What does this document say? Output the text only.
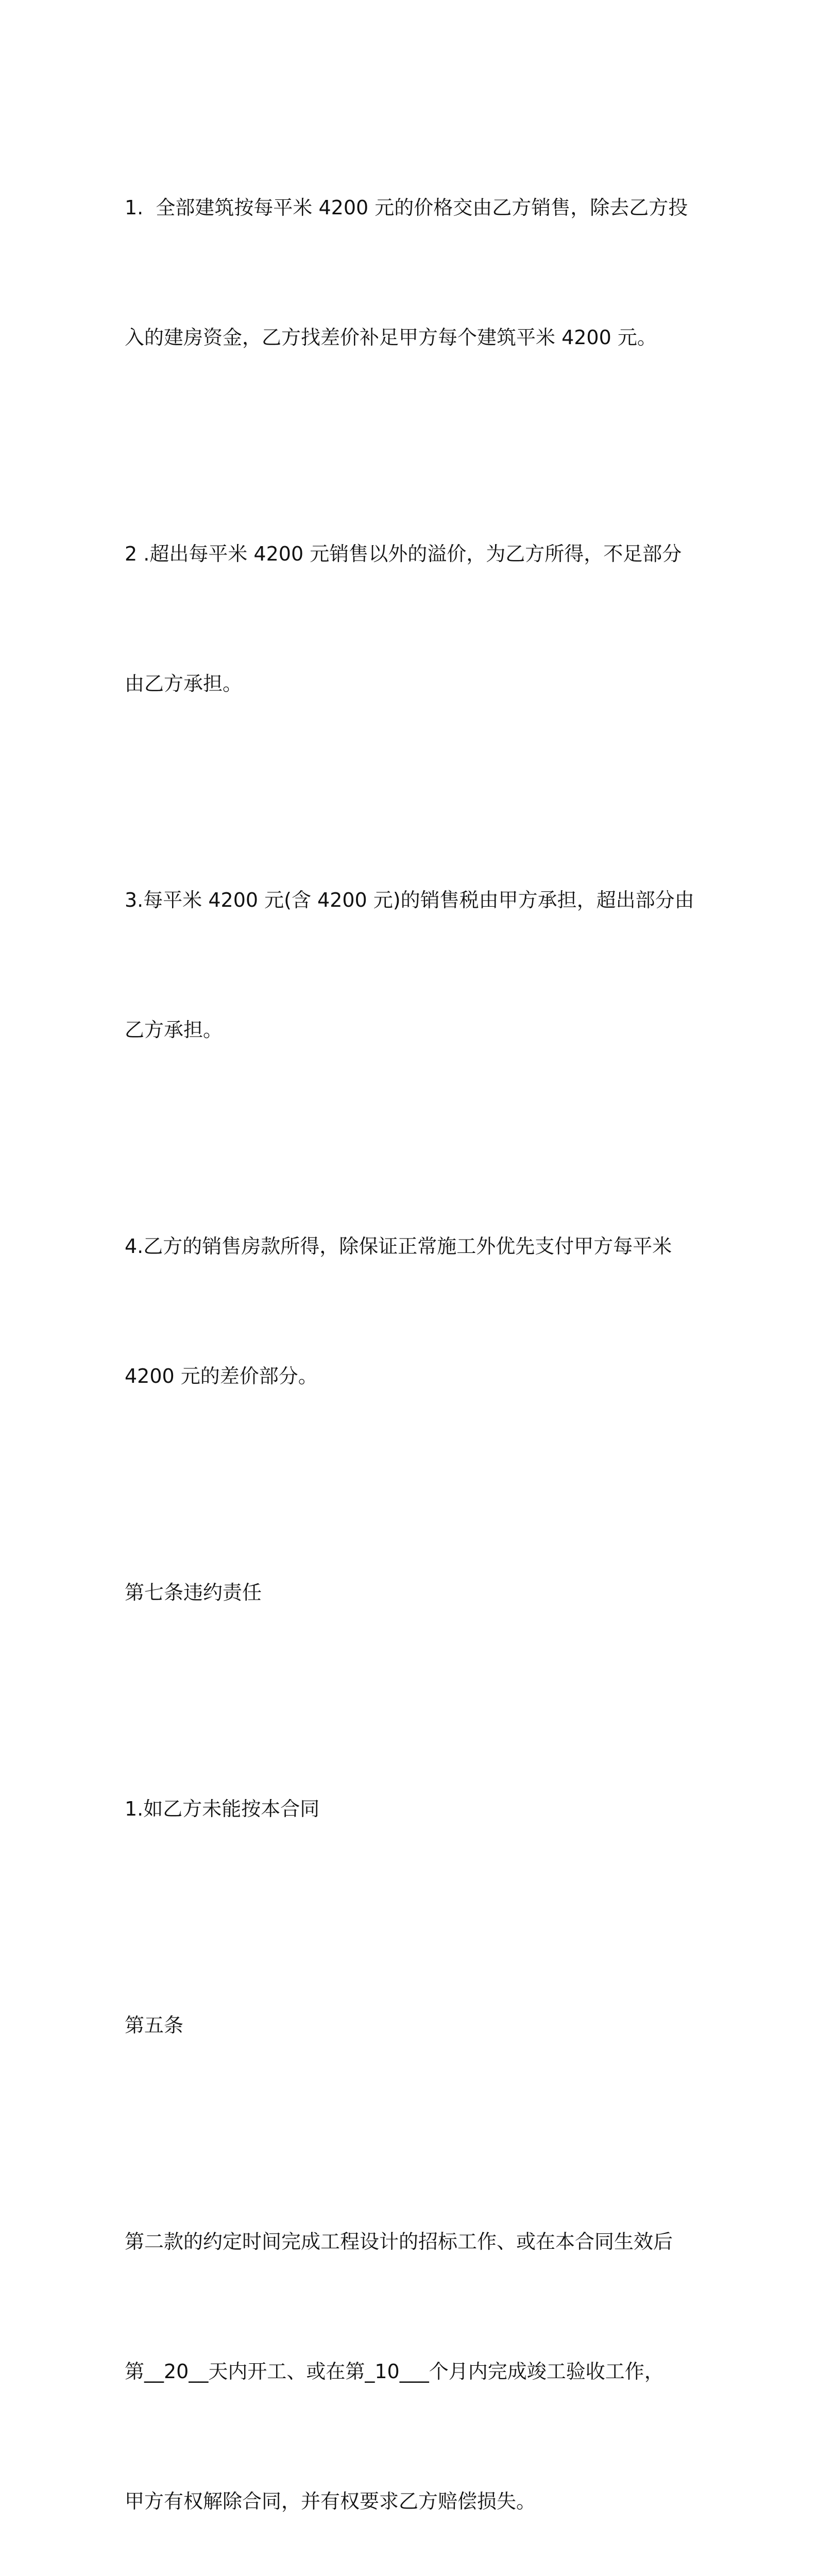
1.  全部建筑按每平米 4200 元的价格交由乙方销售，除去乙方投

入的建房资金，乙方找差价补足甲方每个建筑平米 4200 元。

2 .超出每平米 4200 元销售以外的溢价，为乙方所得，不足部分

由乙方承担。

3.每平米 4200 元(含 4200 元)的销售税由甲方承担，超出部分由

乙方承担。

4.乙方的销售房款所得，除保证正常施工外优先支付甲方每平米

4200 元的差价部分。

第七条违约责任

1.如乙方未能按本合同

第五条

第二款的约定时间完成工程设计的招标工作、或在本合同生效后

第__20__天内开工、或在第_10___个月内完成竣工验收工作，

甲方有权解除合同，并有权要求乙方赔偿损失。
